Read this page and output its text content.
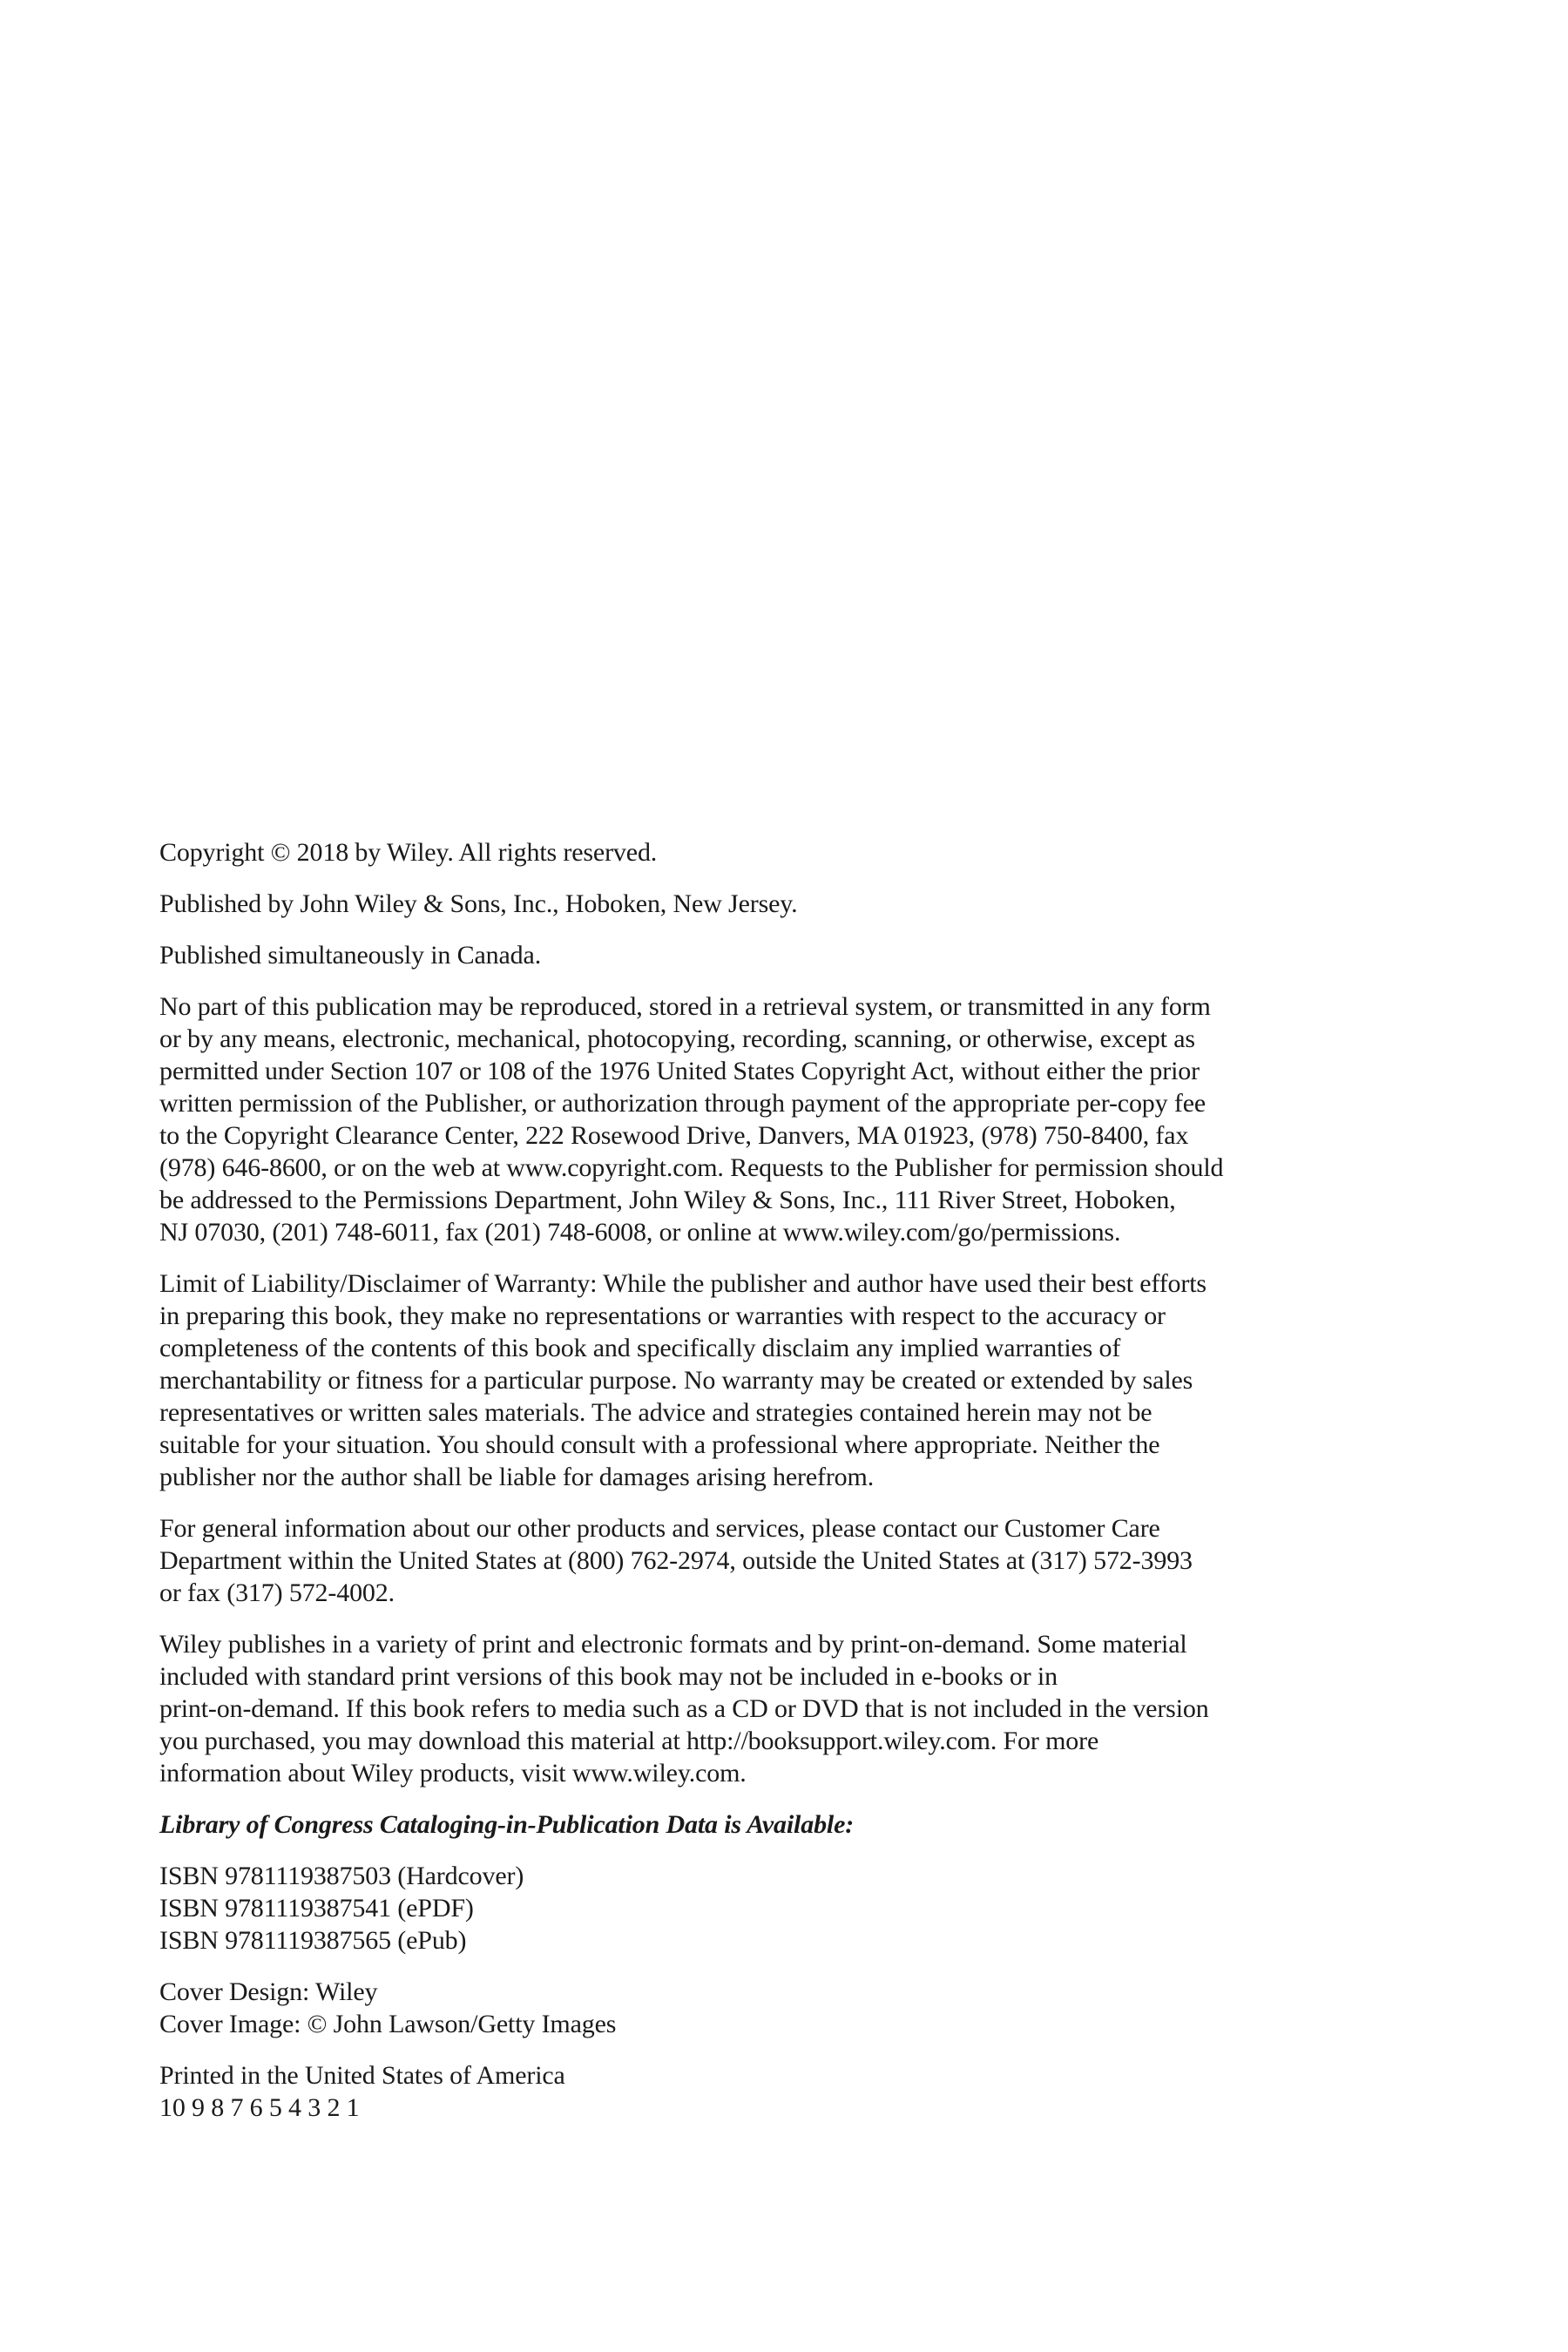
Copyright © 2018 by Wiley. All rights reserved.

Published by John Wiley & Sons, Inc., Hoboken, New Jersey.

Published simultaneously in Canada.

No part of this publication may be reproduced, stored in a retrieval system, or transmitted in any form
or by any means, electronic, mechanical, photocopying, recording, scanning, or otherwise, except as
permitted under Section 107 or 108 of the 1976 United States Copyright Act, without either the prior
written permission of the Publisher, or authorization through payment of the appropriate per-copy fee
to the Copyright Clearance Center, 222 Rosewood Drive, Danvers, MA 01923, (978) 750-8400, fax
(978) 646-8600, or on the web at www.copyright.com. Requests to the Publisher for permission should
be addressed to the Permissions Department, John Wiley & Sons, Inc., 111 River Street, Hoboken,
NJ 07030, (201) 748-6011, fax (201) 748-6008, or online at www.wiley.com/go/permissions.

Limit of Liability/Disclaimer of Warranty: While the publisher and author have used their best efforts
in preparing this book, they make no representations or warranties with respect to the accuracy or
completeness of the contents of this book and specifically disclaim any implied warranties of
merchantability or fitness for a particular purpose. No warranty may be created or extended by sales
representatives or written sales materials. The advice and strategies contained herein may not be
suitable for your situation. You should consult with a professional where appropriate. Neither the
publisher nor the author shall be liable for damages arising herefrom.

For general information about our other products and services, please contact our Customer Care
Department within the United States at (800) 762-2974, outside the United States at (317) 572-3993
or fax (317) 572-4002.

Wiley publishes in a variety of print and electronic formats and by print-on-demand. Some material
included with standard print versions of this book may not be included in e-books or in
print-on-demand. If this book refers to media such as a CD or DVD that is not included in the version
you purchased, you may download this material at http://booksupport.wiley.com. For more
information about Wiley products, visit www.wiley.com.

Library of Congress Cataloging-in-Publication Data is Available:

ISBN 9781119387503 (Hardcover)
ISBN 9781119387541 (ePDF)
ISBN 9781119387565 (ePub)

Cover Design: Wiley
Cover Image: © John Lawson/Getty Images

Printed in the United States of America
10 9 8 7 6 5 4 3 2 1
